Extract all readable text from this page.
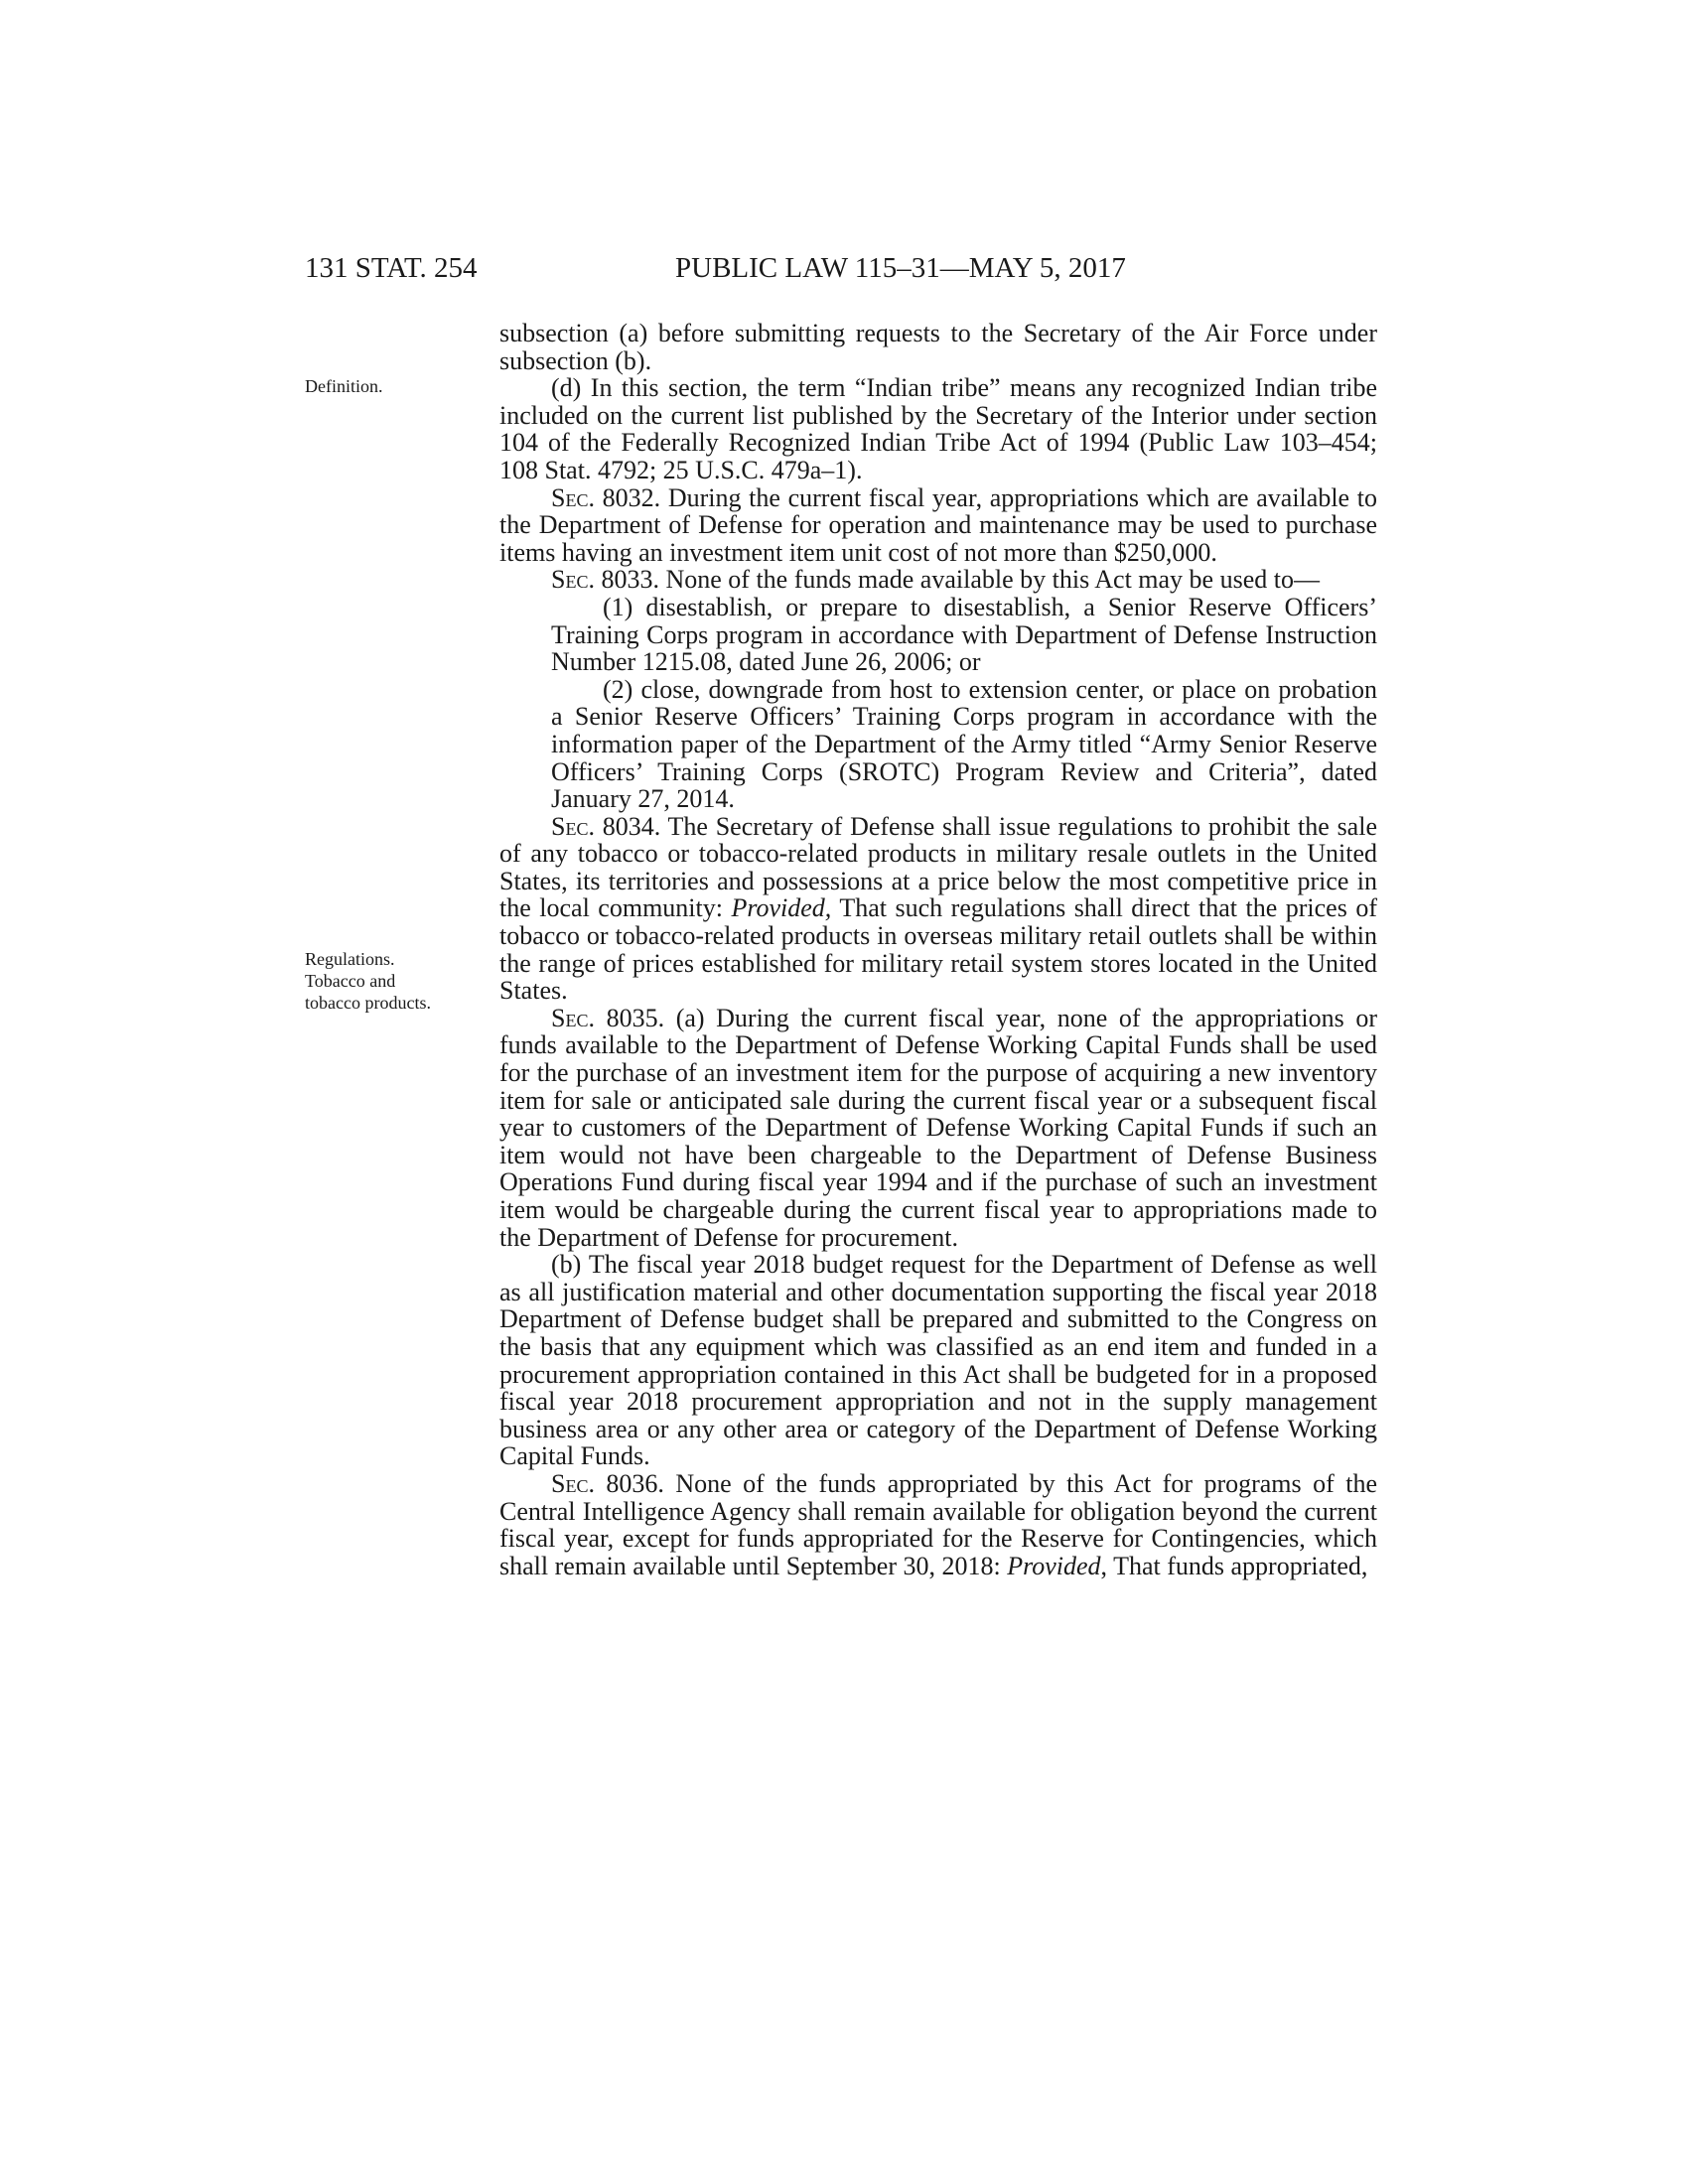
131 STAT. 254	PUBLIC LAW 115–31—MAY 5, 2017
Definition.
Regulations.
Tobacco and
tobacco products.

subsection (a) before submitting requests to the Secretary of the Air Force under subsection (b).

(d) In this section, the term “Indian tribe” means any recognized Indian tribe included on the current list published by the Secretary of the Interior under section 104 of the Federally Recognized Indian Tribe Act of 1994 (Public Law 103–454; 108 Stat. 4792; 25 U.S.C. 479a–1).

Sec. 8032. During the current fiscal year, appropriations which are available to the Department of Defense for operation and maintenance may be used to purchase items having an investment item unit cost of not more than $250,000.

Sec. 8033. None of the funds made available by this Act may be used to—

(1) disestablish, or prepare to disestablish, a Senior Reserve Officers’ Training Corps program in accordance with Department of Defense Instruction Number 1215.08, dated June 26, 2006; or

(2) close, downgrade from host to extension center, or place on probation a Senior Reserve Officers’ Training Corps program in accordance with the information paper of the Department of the Army titled “Army Senior Reserve Officers’ Training Corps (SROTC) Program Review and Criteria”, dated January 27, 2014.

Sec. 8034. The Secretary of Defense shall issue regulations to prohibit the sale of any tobacco or tobacco-related products in military resale outlets in the United States, its territories and possessions at a price below the most competitive price in the local community: Provided, That such regulations shall direct that the prices of tobacco or tobacco-related products in overseas military retail outlets shall be within the range of prices established for military retail system stores located in the United States.

Sec. 8035. (a) During the current fiscal year, none of the appropriations or funds available to the Department of Defense Working Capital Funds shall be used for the purchase of an investment item for the purpose of acquiring a new inventory item for sale or anticipated sale during the current fiscal year or a subsequent fiscal year to customers of the Department of Defense Working Capital Funds if such an item would not have been chargeable to the Department of Defense Business Operations Fund during fiscal year 1994 and if the purchase of such an investment item would be chargeable during the current fiscal year to appropriations made to the Department of Defense for procurement.

(b) The fiscal year 2018 budget request for the Department of Defense as well as all justification material and other documentation supporting the fiscal year 2018 Department of Defense budget shall be prepared and submitted to the Congress on the basis that any equipment which was classified as an end item and funded in a procurement appropriation contained in this Act shall be budgeted for in a proposed fiscal year 2018 procurement appropriation and not in the supply management business area or any other area or category of the Department of Defense Working Capital Funds.

Sec. 8036. None of the funds appropriated by this Act for programs of the Central Intelligence Agency shall remain available for obligation beyond the current fiscal year, except for funds appropriated for the Reserve for Contingencies, which shall remain available until September 30, 2018: Provided, That funds appropriated,
